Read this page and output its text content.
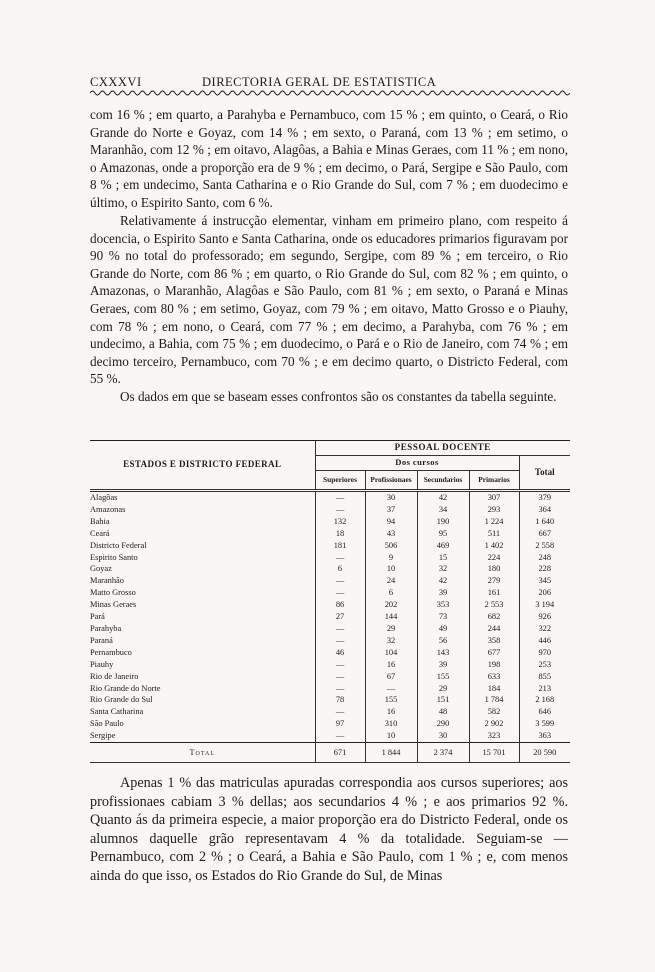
CXXXVI	DIRECTORIA GERAL DE ESTATISTICA

com 16 % ; em quarto, a Parahyba e Pernambuco, com 15 % ; em quinto, o Ceará, o Rio Grande do Norte e Goyaz, com 14 % ; em sexto, o Paraná, com 13 % ; em setimo, o Maranhão, com 12 % ; em oitavo, Alagôas, a Bahia e Minas Geraes, com 11 % ; em nono, o Amazonas, onde a proporção era de 9 % ; em decimo, o Pará, Sergipe e São Paulo, com 8 % ; em undecimo, Santa Catharina e o Rio Grande do Sul, com 7 % ; em duodecimo e último, o Espirito Santo, com 6 %.

Relativamente á instrucção elementar, vinham em primeiro plano, com respeito á docencia, o Espirito Santo e Santa Catharina, onde os educadores primarios figuravam por 90 % no total do professorado; em segundo, Sergipe, com 89 % ; em terceiro, o Rio Grande do Norte, com 86 % ; em quarto, o Rio Grande do Sul, com 82 % ; em quinto, o Amazonas, o Maranhão, Alagôas e São Paulo, com 81 % ; em sexto, o Paraná e Minas Geraes, com 80 % ; em setimo, Goyaz, com 79 % ; em oitavo, Matto Grosso e o Piauhy, com 78 % ; em nono, o Ceará, com 77 % ; em decimo, a Parahyba, com 76 % ; em undecimo, a Bahia, com 75 % ; em duodecimo, o Pará e o Rio de Janeiro, com 74 % ; em decimo terceiro, Pernambuco, com 70 % ; e em decimo quarto, o Districto Federal, com 55 %.

Os dados em que se baseam esses confrontos são os constantes da tabella seguinte.

ESTADOS E DISTRICTO FEDERAL	PESSOAL DOCENTE				
	Dos cursos				Total
	Superiores	Profissionaes	Secundarios	Primarios	
Alagôas	—	30	42	307	379
Amazonas	—	37	34	293	364
Bahia	132	94	190	1 224	1 640
Ceará	18	43	95	511	667
Districto Federal	181	506	469	1 402	2 558
Espirito Santo	—	9	15	224	248
Goyaz	6	10	32	180	228
Maranhão	—	24	42	279	345
Matto Grosso	—	6	39	161	206
Minas Geraes	86	202	353	2 553	3 194
Pará	27	144	73	682	926
Parahyba	—	29	49	244	322
Paraná	—	32	56	358	446
Pernambuco	46	104	143	677	970
Piauhy	—	16	39	198	253
Rio de Janeiro	—	67	155	633	855
Rio Grande do Norte	—	—	29	184	213
Rio Grande do Sul	78	155	151	1 784	2 168
Santa Catharina	—	16	48	582	646
São Paulo	97	310	290	2 902	3 599
Sergipe	—	10	30	323	363
Total	671	1 844	2 374	15 701	20 590

Apenas 1 % das matriculas apuradas correspondia aos cursos superiores; aos profissionaes cabiam 3 % dellas; aos secundarios 4 % ; e aos primarios 92 %. Quanto ás da primeira especie, a maior proporção era do Districto Federal, onde os alumnos daquelle grão representavam 4 % da totalidade. Seguiam-se — Pernambuco, com 2 % ; o Ceará, a Bahia e São Paulo, com 1 % ; e, com menos ainda do que isso, os Estados do Rio Grande do Sul, de Minas
